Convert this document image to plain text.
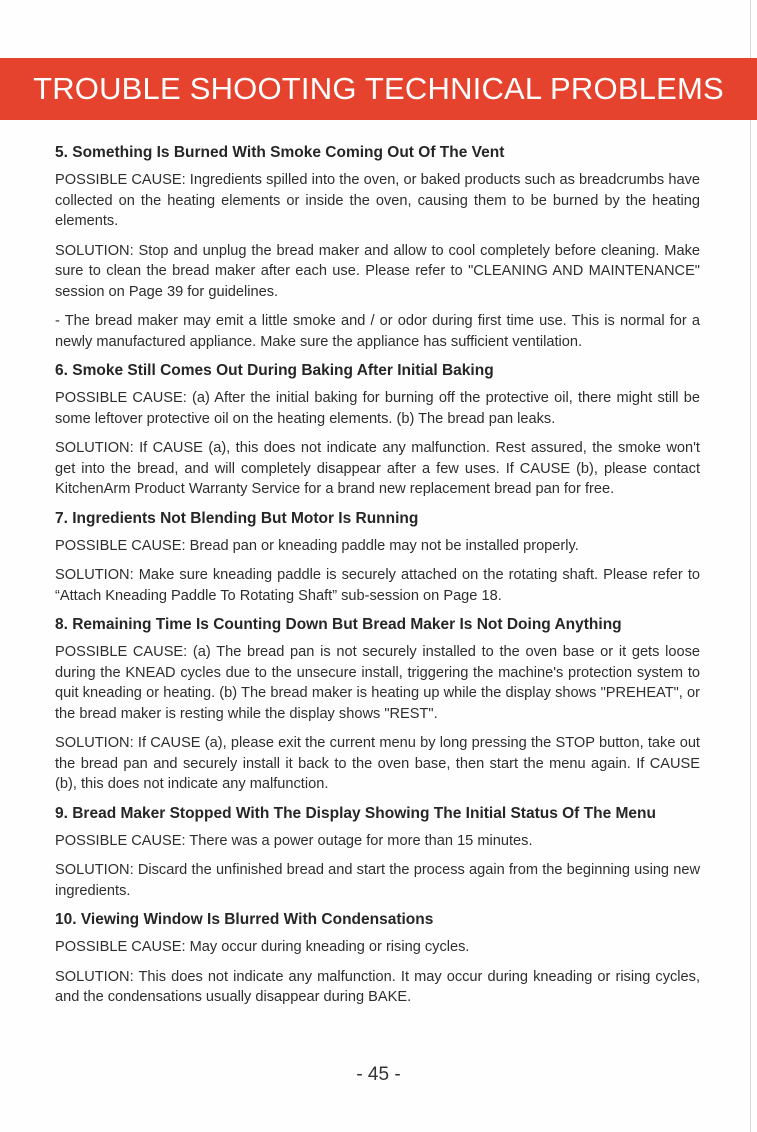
TROUBLE SHOOTING TECHNICAL PROBLEMS
5. Something Is Burned With Smoke Coming Out Of The Vent

POSSIBLE CAUSE: Ingredients spilled into the oven, or baked products such as breadcrumbs have collected on the heating elements or inside the oven, causing them to be burned by the heating elements.

SOLUTION: Stop and unplug the bread maker and allow to cool completely before cleaning. Make sure to clean the bread maker after each use. Please refer to "CLEANING AND MAINTENANCE" session on Page 39 for guidelines.

- The bread maker may emit a little smoke and / or odor during first time use. This is normal for a newly manufactured appliance. Make sure the appliance has sufficient ventilation.

6. Smoke Still Comes Out During Baking After Initial Baking

POSSIBLE CAUSE: (a) After the initial baking for burning off the protective oil, there might still be some leftover protective oil on the heating elements. (b) The bread pan leaks.

SOLUTION: If CAUSE (a), this does not indicate any malfunction. Rest assured, the smoke won't get into the bread, and will completely disappear after a few uses. If CAUSE (b), please contact KitchenArm Product Warranty Service for a brand new replacement bread pan for free.

7. Ingredients Not Blending But Motor Is Running

POSSIBLE CAUSE: Bread pan or kneading paddle may not be installed properly.

SOLUTION: Make sure kneading paddle is securely attached on the rotating shaft. Please refer to “Attach Kneading Paddle To Rotating Shaft” sub-session on Page 18.

8. Remaining Time Is Counting Down But Bread Maker Is Not Doing Anything

POSSIBLE CAUSE: (a) The bread pan is not securely installed to the oven base or it gets loose during the KNEAD cycles due to the unsecure install, triggering the machine's protection system to quit kneading or heating. (b) The bread maker is heating up while the display shows "PREHEAT", or the bread maker is resting while the display shows "REST".

SOLUTION: If CAUSE (a), please exit the current menu by long pressing the STOP button, take out the bread pan and securely install it back to the oven base, then start the menu again. If CAUSE (b), this does not indicate any malfunction.

9. Bread Maker Stopped With The Display Showing The Initial Status Of The Menu

POSSIBLE CAUSE: There was a power outage for more than 15 minutes.

SOLUTION: Discard the unfinished bread and start the process again from the beginning using new ingredients.

10. Viewing Window Is Blurred With Condensations

POSSIBLE CAUSE: May occur during kneading or rising cycles.

SOLUTION: This does not indicate any malfunction. It may occur during kneading or rising cycles, and the condensations usually disappear during BAKE.

- 45 -
